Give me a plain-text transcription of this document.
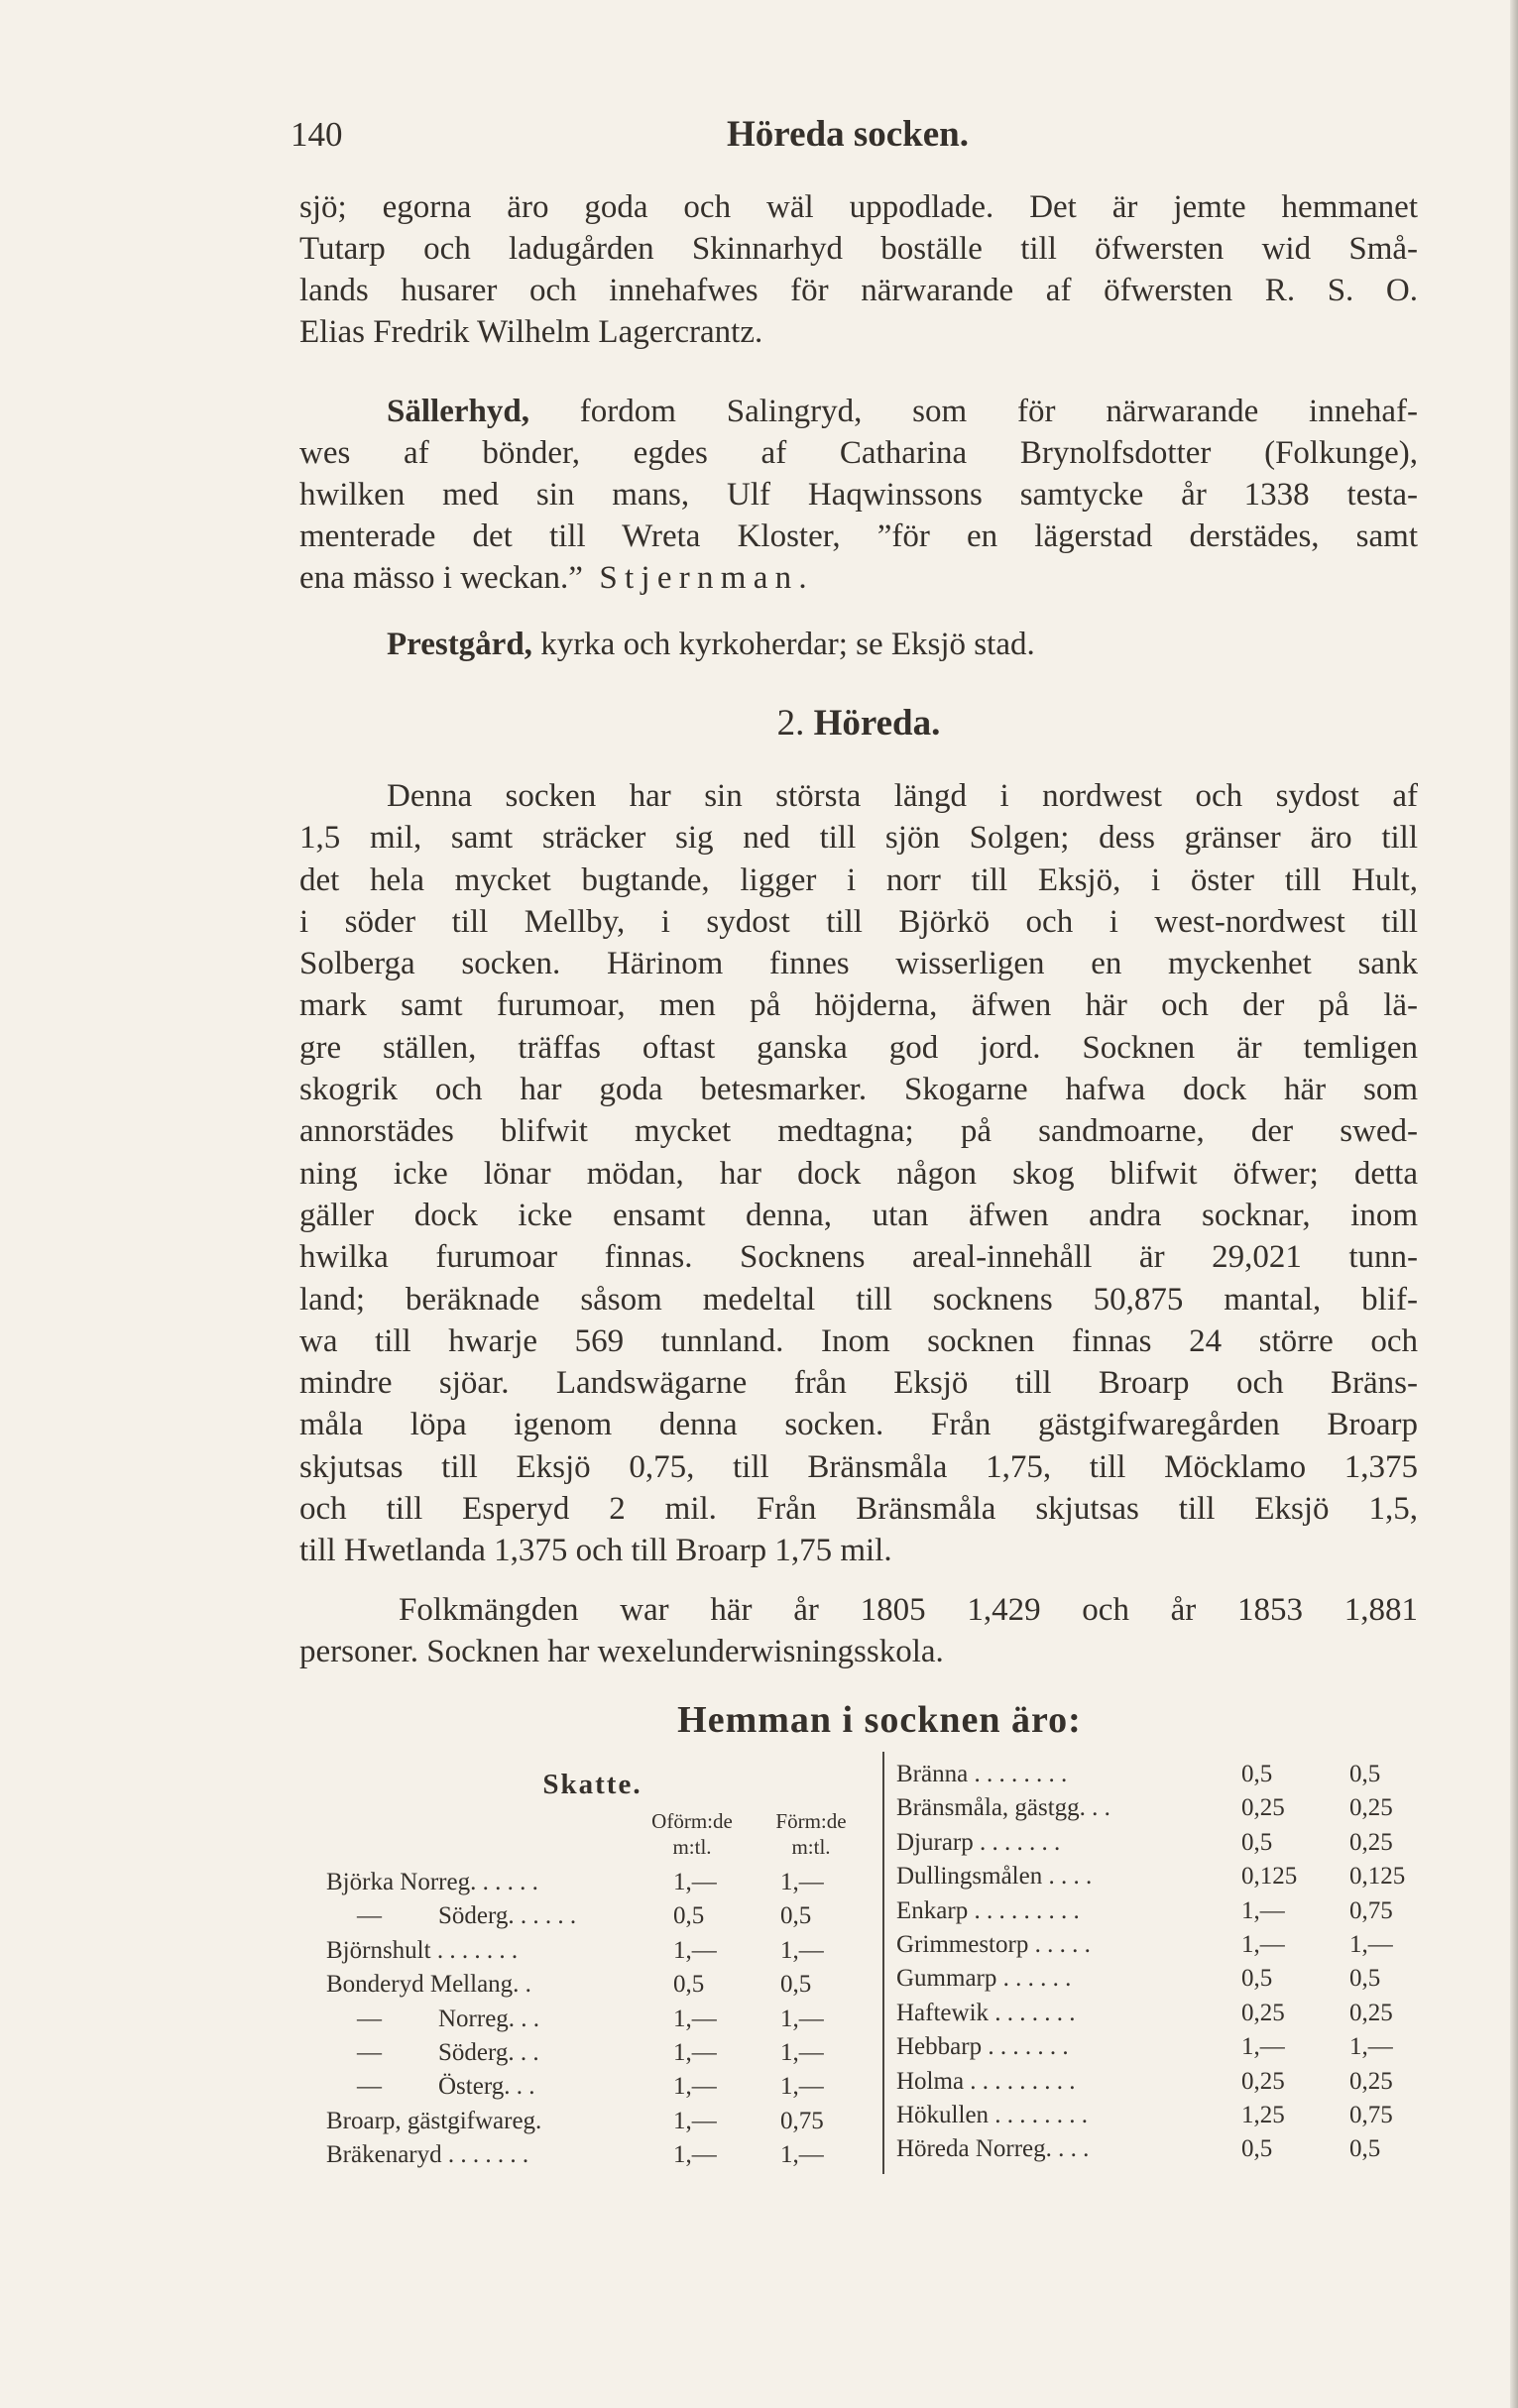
140	Höreda socken.
sjö; egorna äro goda och wäl uppodlade. Det är jemte hemmanet
Tutarp och ladugården Skinnarhyd boställe till öfwersten wid Små-
lands husarer och innehafwes för närwarande af öfwersten R. S. O.
Elias Fredrik Wilhelm Lagercrantz.
Sällerhyd, fordom Salingryd, som för närwarande innehaf-
wes af bönder, egdes af Catharina Brynolfsdotter (Folkunge),
hwilken med sin mans, Ulf Haqwinssons samtycke år 1338 testa-
menterade det till Wreta Kloster, ”för en lägerstad derstädes, samt
ena mässo i weckan.” Stjernman.
Prestgård, kyrka och kyrkoherdar; se Eksjö stad.
2. Höreda.
Denna socken har sin största längd i nordwest och sydost af
1,5 mil, samt sträcker sig ned till sjön Solgen; dess gränser äro till
det hela mycket bugtande, ligger i norr till Eksjö, i öster till Hult,
i söder till Mellby, i sydost till Björkö och i west-nordwest till
Solberga socken. Härinom finnes wisserligen en myckenhet sank
mark samt furumoar, men på höjderna, äfwen här och der på lä-
gre ställen, träffas oftast ganska god jord. Socknen är temligen
skogrik och har goda betesmarker. Skogarne hafwa dock här som
annorstädes blifwit mycket medtagna; på sandmoarne, der swed-
ning icke lönar mödan, har dock någon skog blifwit öfwer; detta
gäller dock icke ensamt denna, utan äfwen andra socknar, inom
hwilka furumoar finnas. Socknens areal-innehåll är 29,021 tunn-
land; beräknade såsom medeltal till socknens 50,875 mantal, blif-
wa till hwarje 569 tunnland. Inom socknen finnas 24 större och
mindre sjöar. Landswägarne från Eksjö till Broarp och Bräns-
måla löpa igenom denna socken. Från gästgifwaregården Broarp
skjutsas till Eksjö 0,75, till Bränsmåla 1,75, till Möcklamo 1,375
och till Esperyd 2 mil. Från Bränsmåla skjutsas till Eksjö 1,5,
till Hwetlanda 1,375 och till Broarp 1,75 mil.
Folkmängden war här år 1805 1,429 och år 1853 1,881
personer. Socknen har wexelunderwisningsskola.
Hemman i socknen äro:
Skatte.
Oförm:de
m:tl.
Förm:de
m:tl.
Björka Norreg. . . . . .	1,—	1,—
— Söderg. . . . . .	0,5	0,5
Björnshult . . . . . . .	1,—	1,—
Bonderyd Mellang. .	0,5	0,5
— Norreg. . .	1,—	1,—
— Söderg. . .	1,—	1,—
— Österg. . .	1,—	1,—
Broarp, gästgifwareg.	1,—	0,75
Bräkenaryd . . . . . . .	1,—	1,—
Bränna . . . . . . . .	0,5	0,5
Bränsmåla, gästgg. . .	0,25	0,25
Djurarp . . . . . . .	0,5	0,25
Dullingsmålen . . . .	0,125 0,125
Enkarp . . . . . . . . .	1,—	0,75
Grimmestorp . . . . .	1,—	1,—
Gummarp . . . . . .	0,5	0,5
Haftewik . . . . . . .	0,25	0,25
Hebbarp . . . . . . .	1,—	1,—
Holma . . . . . . . . .	0,25	0,25
Hökullen . . . . . . . .	1,25	0,75
Höreda Norreg. . . .	0,5	0,5
